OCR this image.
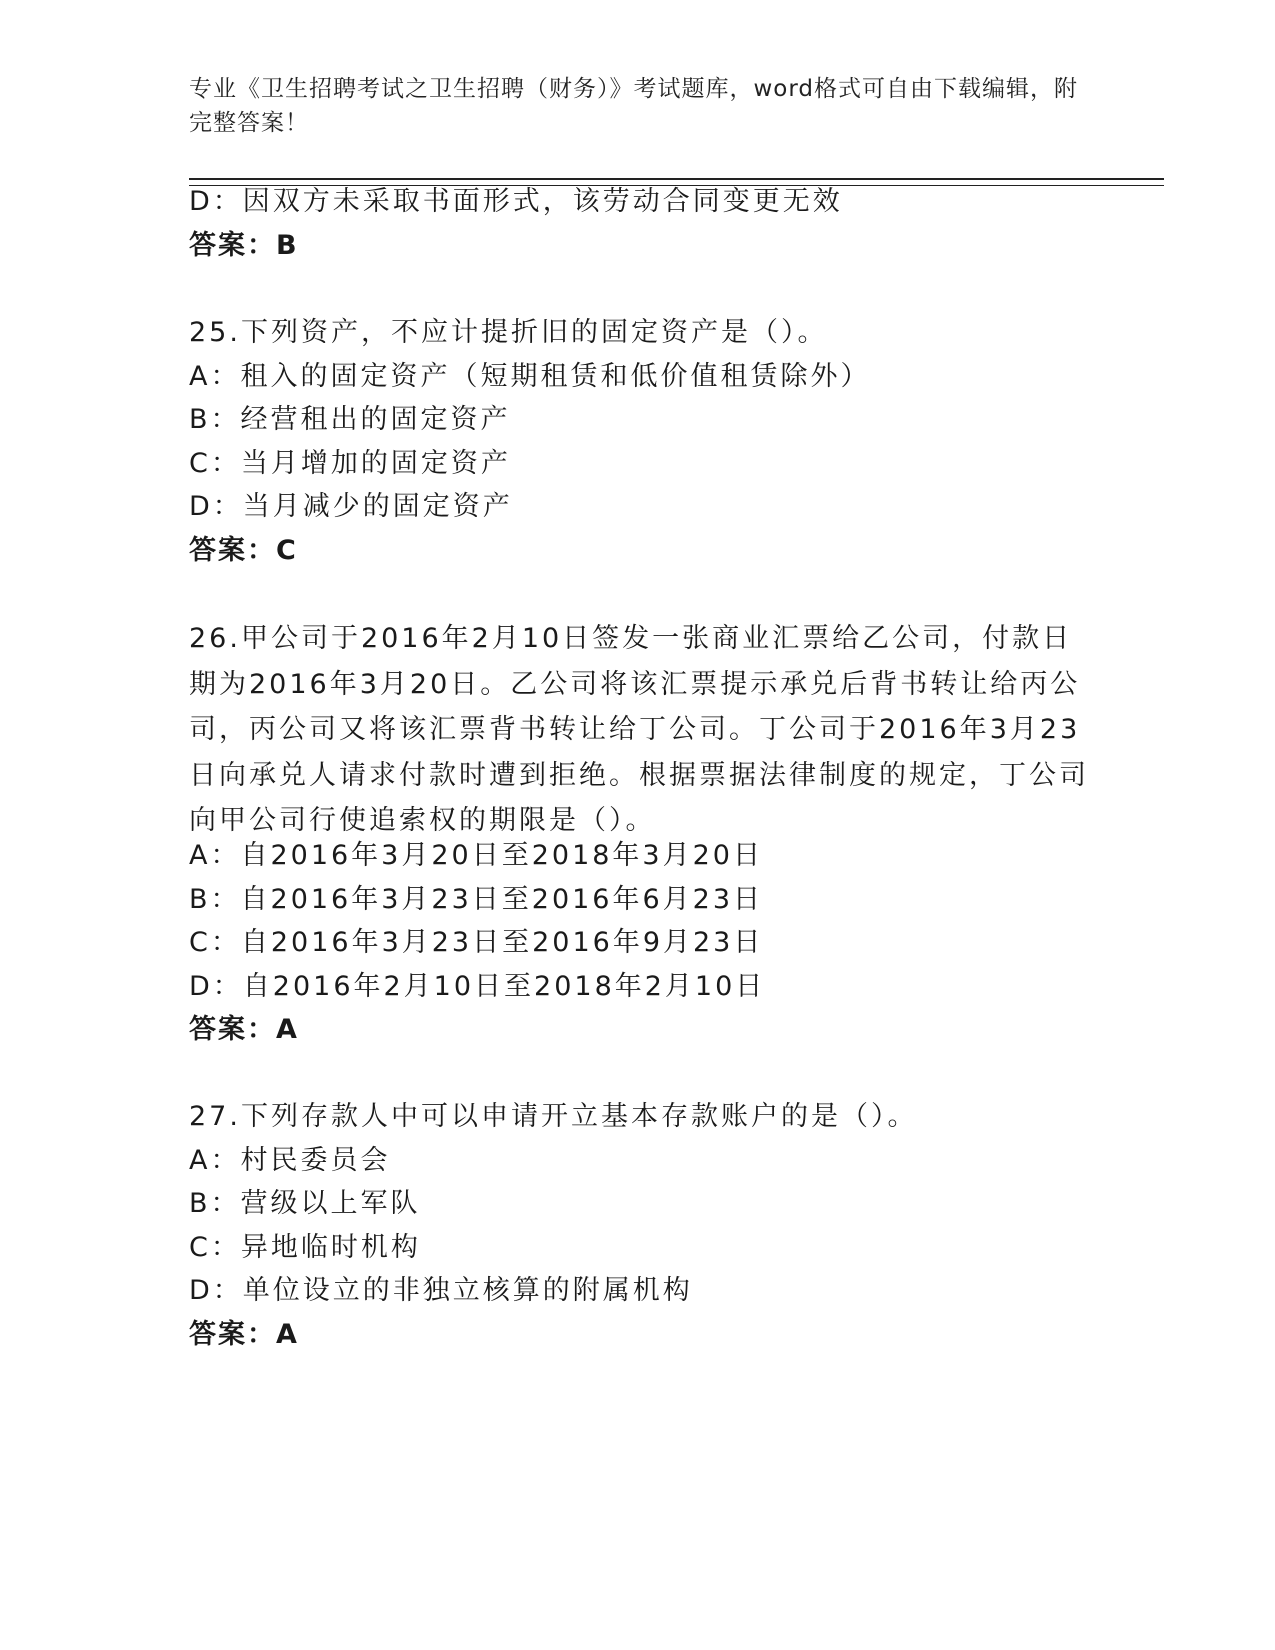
专业《卫生招聘考试之卫生招聘（财务）》考试题库，word格式可自由下载编辑，附完整答案！
D：因双方未采取书面形式，该劳动合同变更无效
答案：B
25.下列资产，不应计提折旧的固定资产是（）。
A：租入的固定资产（短期租赁和低价值租赁除外）
B：经营租出的固定资产
C：当月增加的固定资产
D：当月减少的固定资产
答案：C
26.甲公司于2016年2月10日签发一张商业汇票给乙公司，付款日期为2016年3月20日。乙公司将该汇票提示承兑后背书转让给丙公司，丙公司又将该汇票背书转让给丁公司。丁公司于2016年3月23日向承兑人请求付款时遭到拒绝。根据票据法律制度的规定，丁公司向甲公司行使追索权的期限是（）。
A：自2016年3月20日至2018年3月20日
B：自2016年3月23日至2016年6月23日
C：自2016年3月23日至2016年9月23日
D：自2016年2月10日至2018年2月10日
答案：A
27.下列存款人中可以申请开立基本存款账户的是（）。
A：村民委员会
B：营级以上军队
C：异地临时机构
D：单位设立的非独立核算的附属机构
答案：A
